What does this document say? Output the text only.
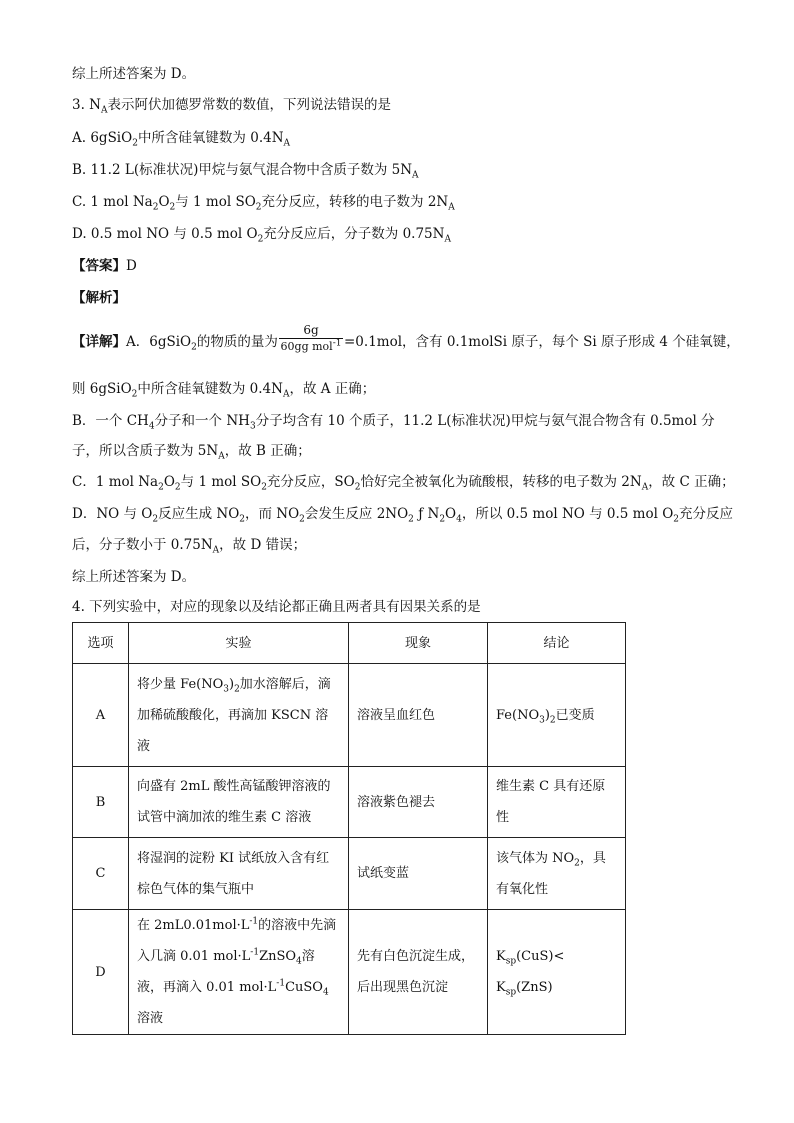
综上所述答案为 D。
3. $N_A$表示阿伏加德罗常数的数值，下列说法错误的是
A. 6gSiO$_2$中所含硅氧键数为 $0.4N_A$
B. 11.2 L(标准状况)甲烷与氨气混合物中含质子数为 $5N_A$
C. 1 mol $Na_2O_2$与 1 mol $SO_2$充分反应，转移的电子数为 $2N_A$
D. 0.5 mol NO 与 0.5 mol $O_2$充分反应后，分子数为 $0.75N_A$
【答案】D
【解析】
【详解】A．6gSiO$_2$的物质的量为
6g
60gg mol$^{-1}$ =0.1mol，含有 0.1molSi 原子，每个 Si 原子形成 4 个硅氧键，
则 6gSiO$_2$中所含硅氧键数为 $0.4N_A$，故 A 正确；
B．一个 $CH_4$分子和一个 $NH_3$分子均含有 10 个质子，11.2 L(标准状况)甲烷与氨气混合物含有 0.5mol 分
子，所以含质子数为 $5N_A$，故 B 正确；
C．1 mol $Na_2O_2$与 1 mol $SO_2$充分反应，$SO_2$恰好完全被氧化为硫酸根，转移的电子数为 $2N_A$，故 C 正确；
D．NO 与 $O_2$反应生成 $NO_2$，而 $NO_2$会发生反应 $2NO_2$ ƒ $N_2O_4$，所以 0.5 mol NO 与 0.5 mol $O_2$充分反应
后，分子数小于 $0.75N_A$，故 D 错误；
综上所述答案为 D。
4. 下列实验中，对应的现象以及结论都正确且两者具有因果关系的是
选项	实验	现象	结论
A	将少量 $Fe(NO_3)_2$加水溶解后，滴加稀硫酸酸化，再滴加 KSCN 溶液	溶液呈血红色	$Fe(NO_3)_2$已变质
B	向盛有 2mL 酸性高锰酸钾溶液的试管中滴加浓的维生素 C 溶液	溶液紫色褪去	维生素 C 具有还原性
C	将湿润的淀粉 KI 试纸放入含有红棕色气体的集气瓶中	试纸变蓝	该气体为 $NO_2$，具有氧化性
D	在 $2mL0.01mol\cdot L^{-1}$的溶液中先滴入几滴 0.01 $mol\cdot L^{-1}ZnSO_4$溶液，再滴入 0.01 $mol\cdot L^{-1}CuSO_4$溶液	先有白色沉淀生成，后出现黑色沉淀	$K_{sp}(CuS)< K_{sp}(ZnS)$
